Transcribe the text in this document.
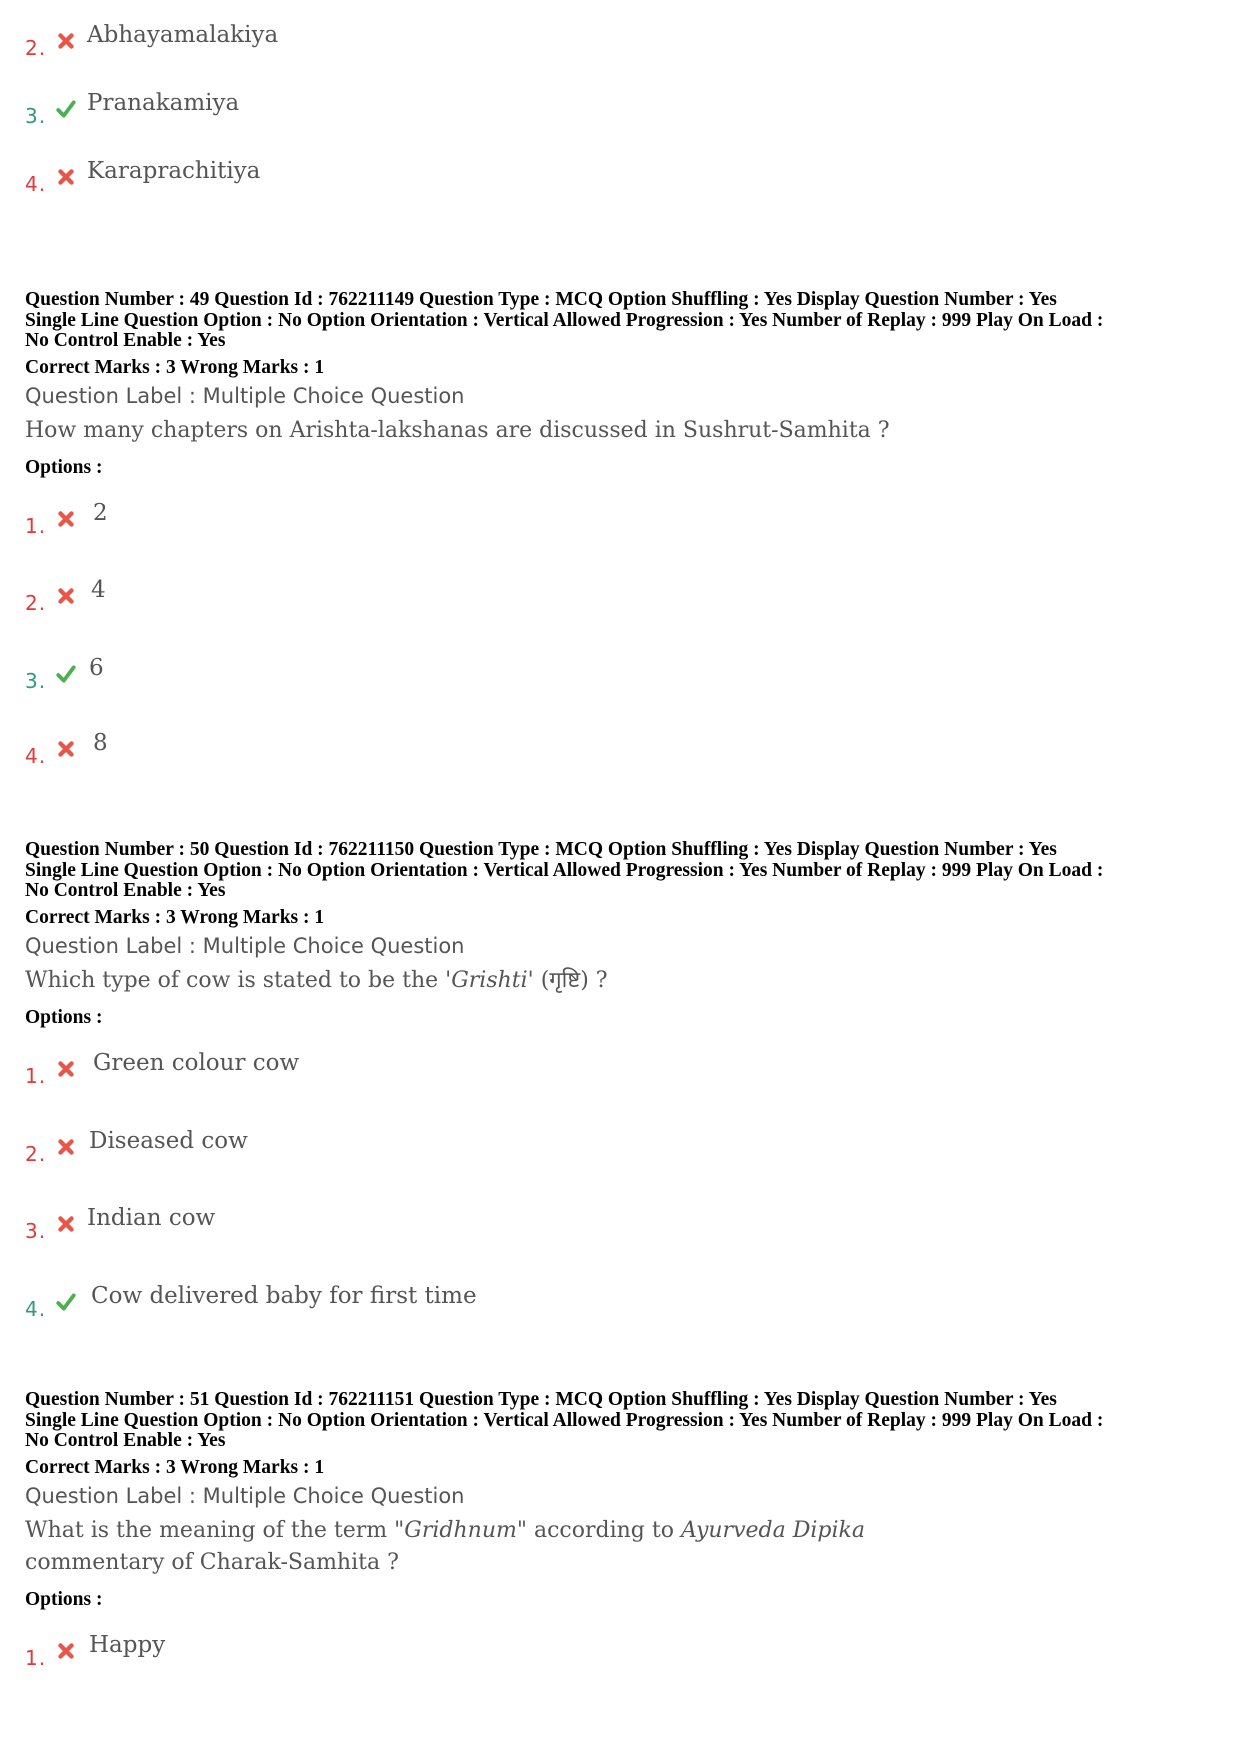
2. Abhayamalakiya
3. Pranakamiya
4. Karaprachitiya
Question Number : 49 Question Id : 762211149 Question Type : MCQ Option Shuffling : Yes Display Question Number : Yes
Single Line Question Option : No Option Orientation : Vertical Allowed Progression : Yes Number of Replay : 999 Play On Load :
No Control Enable : Yes
Correct Marks : 3 Wrong Marks : 1
Question Label : Multiple Choice Question
How many chapters on Arishta-lakshanas are discussed in Sushrut-Samhita ?
Options :
1. 2
2. 4
3. 6
4. 8
Question Number : 50 Question Id : 762211150 Question Type : MCQ Option Shuffling : Yes Display Question Number : Yes
Single Line Question Option : No Option Orientation : Vertical Allowed Progression : Yes Number of Replay : 999 Play On Load :
No Control Enable : Yes
Correct Marks : 3 Wrong Marks : 1
Question Label : Multiple Choice Question
Which type of cow is stated to be the 'Grishti' (गृष्टि) ?
Options :
1. Green colour cow
2. Diseased cow
3. Indian cow
4. Cow delivered baby for first time
Question Number : 51 Question Id : 762211151 Question Type : MCQ Option Shuffling : Yes Display Question Number : Yes
Single Line Question Option : No Option Orientation : Vertical Allowed Progression : Yes Number of Replay : 999 Play On Load :
No Control Enable : Yes
Correct Marks : 3 Wrong Marks : 1
Question Label : Multiple Choice Question
What is the meaning of the term "Gridhnum" according to Ayurveda Dipika
commentary of Charak-Samhita ?
Options :
1. Happy
